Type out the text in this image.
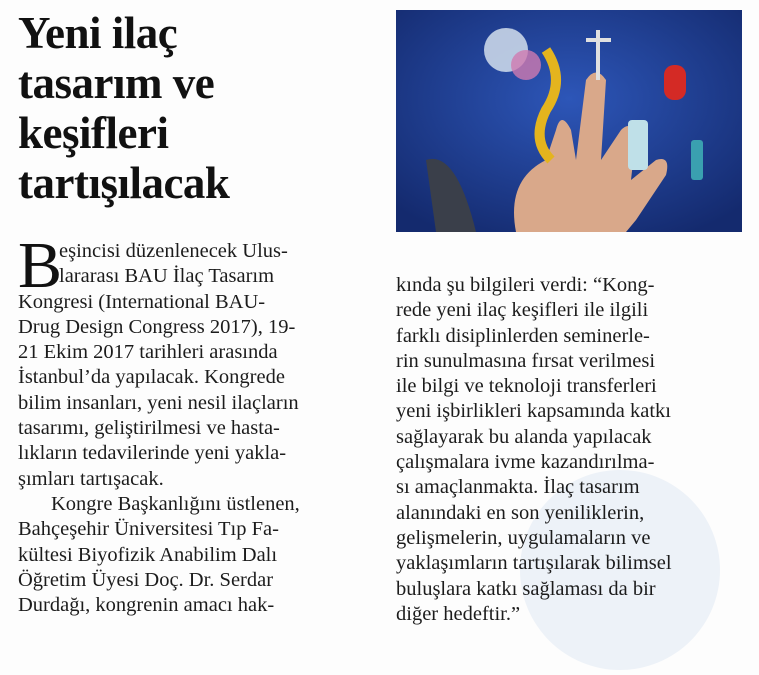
Yeni ilaç
tasarım ve
keşifleri
tartışılacak
B
eşincisi düzenlenecek Ulus-
lararası BAU İlaç Tasarım
Kongresi (International BAU-
Drug Design Congress 2017), 19-
21 Ekim 2017 tarihleri arasında
İstanbul’da yapılacak. Kongrede
bilim insanları, yeni nesil ilaçların
tasarımı, geliştirilmesi ve hasta-
lıkların tedavilerinde yeni yakla-
şımları tartışacak.
Kongre Başkanlığını üstlenen,
Bahçeşehir Üniversitesi Tıp Fa-
kültesi Biyofizik Anabilim Dalı
Öğretim Üyesi Doç. Dr. Serdar
Durdağı, kongrenin amacı hak-
kında şu bilgileri verdi: “Kong-
rede yeni ilaç keşifleri ile ilgili
farklı disiplinlerden seminerle-
rin sunulmasına fırsat verilmesi
ile bilgi ve teknoloji transferleri
yeni işbirlikleri kapsamında katkı
sağlayarak bu alanda yapılacak
çalışmalara ivme kazandırılma-
sı amaçlanmakta. İlaç tasarım
alanındaki en son yeniliklerin,
gelişmelerin, uygulamaların ve
yaklaşımların tartışılarak bilimsel
buluşlara katkı sağlaması da bir
diğer hedeftir.”
